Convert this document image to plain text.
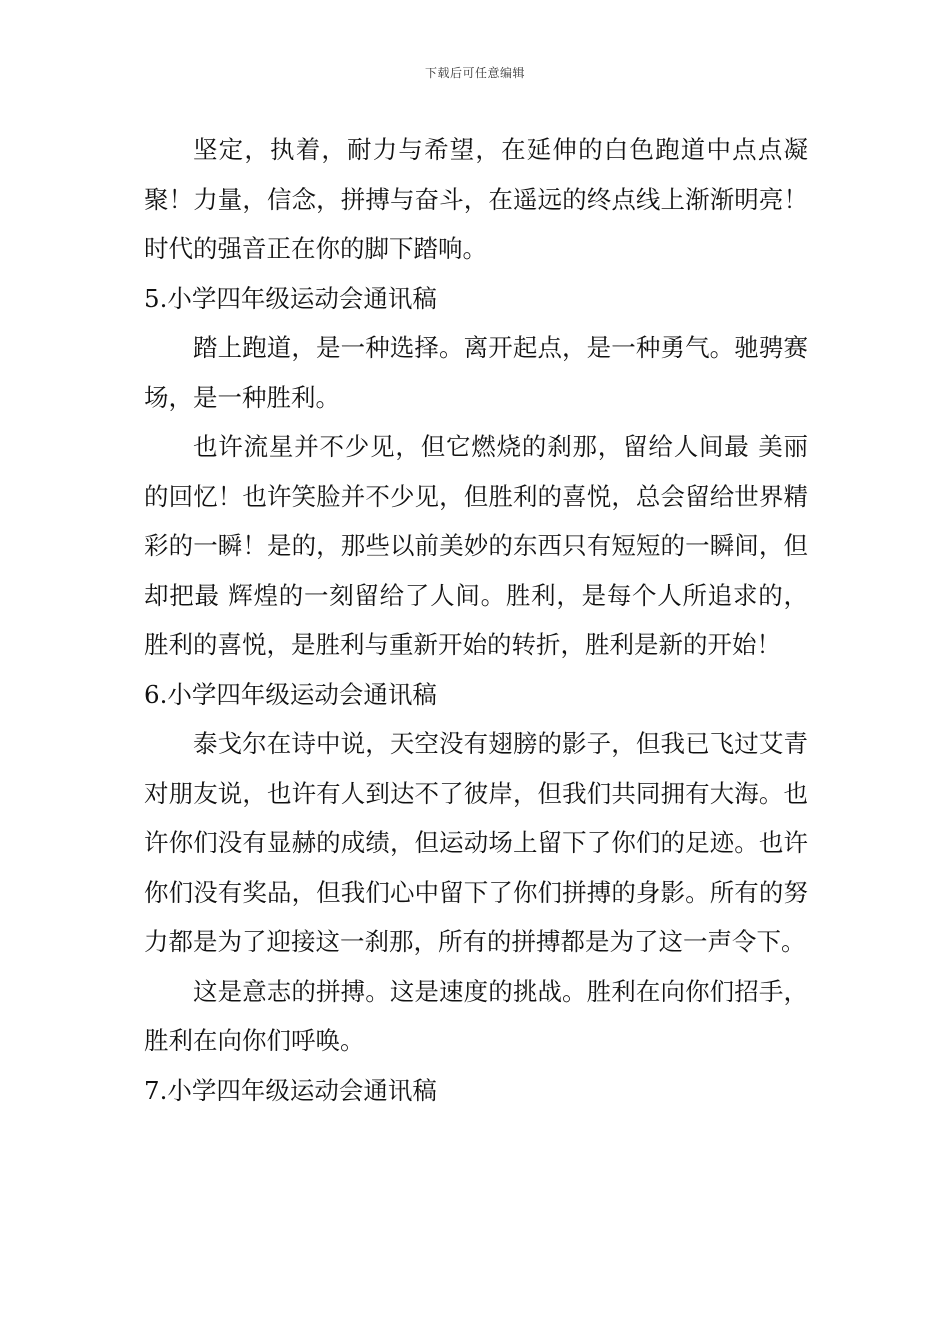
下载后可任意编辑

坚定，执着，耐力与希望，在延伸的白色跑道中点点凝聚！力量，信念，拼搏与奋斗，在遥远的终点线上渐渐明亮！时代的强音正在你的脚下踏响。

5.小学四年级运动会通讯稿

踏上跑道，是一种选择。离开起点，是一种勇气。驰骋赛场，是一种胜利。

也许流星并不少见，但它燃烧的刹那，留给人间最 美丽的回忆！也许笑脸并不少见，但胜利的喜悦，总会留给世界精彩的一瞬！是的，那些以前美妙的东西只有短短的一瞬间，但却把最 辉煌的一刻留给了人间。胜利，是每个人所追求的，胜利的喜悦，是胜利与重新开始的转折，胜利是新的开始！

6.小学四年级运动会通讯稿

泰戈尔在诗中说，天空没有翅膀的影子，但我已飞过艾青对朋友说，也许有人到达不了彼岸，但我们共同拥有大海。也许你们没有显赫的成绩，但运动场上留下了你们的足迹。也许你们没有奖品，但我们心中留下了你们拼搏的身影。所有的努力都是为了迎接这一刹那，所有的拼搏都是为了这一声令下。

这是意志的拼搏。这是速度的挑战。胜利在向你们招手，胜利在向你们呼唤。

7.小学四年级运动会通讯稿
